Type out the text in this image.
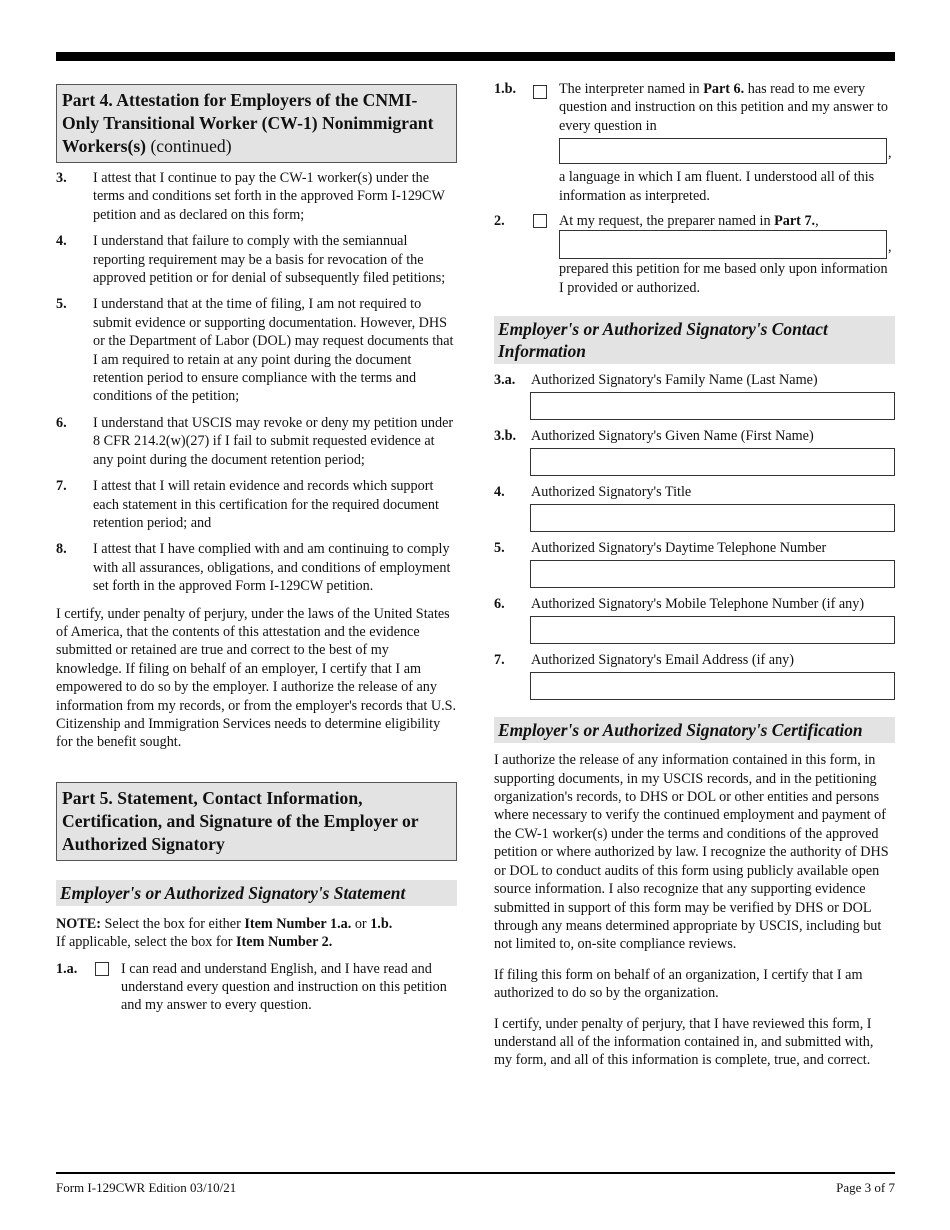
Part 4. Attestation for Employers of the CNMI-Only Transitional Worker (CW-1) Nonimmigrant Workers(s) (continued)
3. I attest that I continue to pay the CW-1 worker(s) under the terms and conditions set forth in the approved Form I-129CW petition and as declared on this form;

4. I understand that failure to comply with the semiannual reporting requirement may be a basis for revocation of the approved petition or for denial of subsequently filed petitions;

5. I understand that at the time of filing, I am not required to submit evidence or supporting documentation. However, DHS or the Department of Labor (DOL) may request documents that I am required to retain at any point during the document retention period to ensure compliance with the terms and conditions of the petition;

6. I understand that USCIS may revoke or deny my petition under 8 CFR 214.2(w)(27) if I fail to submit requested evidence at any point during the document retention period;

7. I attest that I will retain evidence and records which support each statement in this certification for the required document retention period; and

8. I attest that I have complied with and am continuing to comply with all assurances, obligations, and conditions of employment set forth in the approved Form I-129CW petition.

I certify, under penalty of perjury, under the laws of the United States of America, that the contents of this attestation and the evidence submitted or retained are true and correct to the best of my knowledge. If filing on behalf of an employer, I certify that I am empowered to do so by the employer. I authorize the release of any information from my records, or from the employer's records that U.S. Citizenship and Immigration Services needs to determine eligibility for the benefit sought.

Part 5. Statement, Contact Information, Certification, and Signature of the Employer or Authorized Signatory
Employer's or Authorized Signatory's Statement

NOTE: Select the box for either Item Number 1.a. or 1.b.
If applicable, select the box for Item Number 2.

1.a.	I can read and understand English, and I have read and understand every question and instruction on this petition and my answer to every question.

1.b.	The interpreter named in Part 6. has read to me every question and instruction on this petition and my answer to every question in

,

a language in which I am fluent. I understood all of this information as interpreted.

2.	At my request, the preparer named in Part 7.,

,

prepared this petition for me based only upon information I provided or authorized.

Employer's or Authorized Signatory's Contact Information
3.a. Authorized Signatory's Family Name (Last Name)
3.b. Authorized Signatory's Given Name (First Name)
4. Authorized Signatory's Title
5. Authorized Signatory's Daytime Telephone Number
6. Authorized Signatory's Mobile Telephone Number (if any)
7. Authorized Signatory's Email Address (if any)
Employer's or Authorized Signatory's Certification

I authorize the release of any information contained in this form, in supporting documents, in my USCIS records, and in the petitioning organization's records, to DHS or DOL or other entities and persons where necessary to verify the continued employment and payment of the CW-1 worker(s) under the terms and conditions of the approved petition or where authorized by law. I recognize the authority of DHS or DOL to conduct audits of this form using publicly available open source information. I also recognize that any supporting evidence submitted in support of this form may be verified by DHS or DOL through any means determined appropriate by USCIS, including but not limited to, on-site compliance reviews.

If filing this form on behalf of an organization, I certify that I am authorized to do so by the organization.

I certify, under penalty of perjury, that I have reviewed this form, I understand all of the information contained in, and submitted with, my form, and all of this information is complete, true, and correct.

Form I-129CWR Edition 03/10/21	Page 3 of 7
